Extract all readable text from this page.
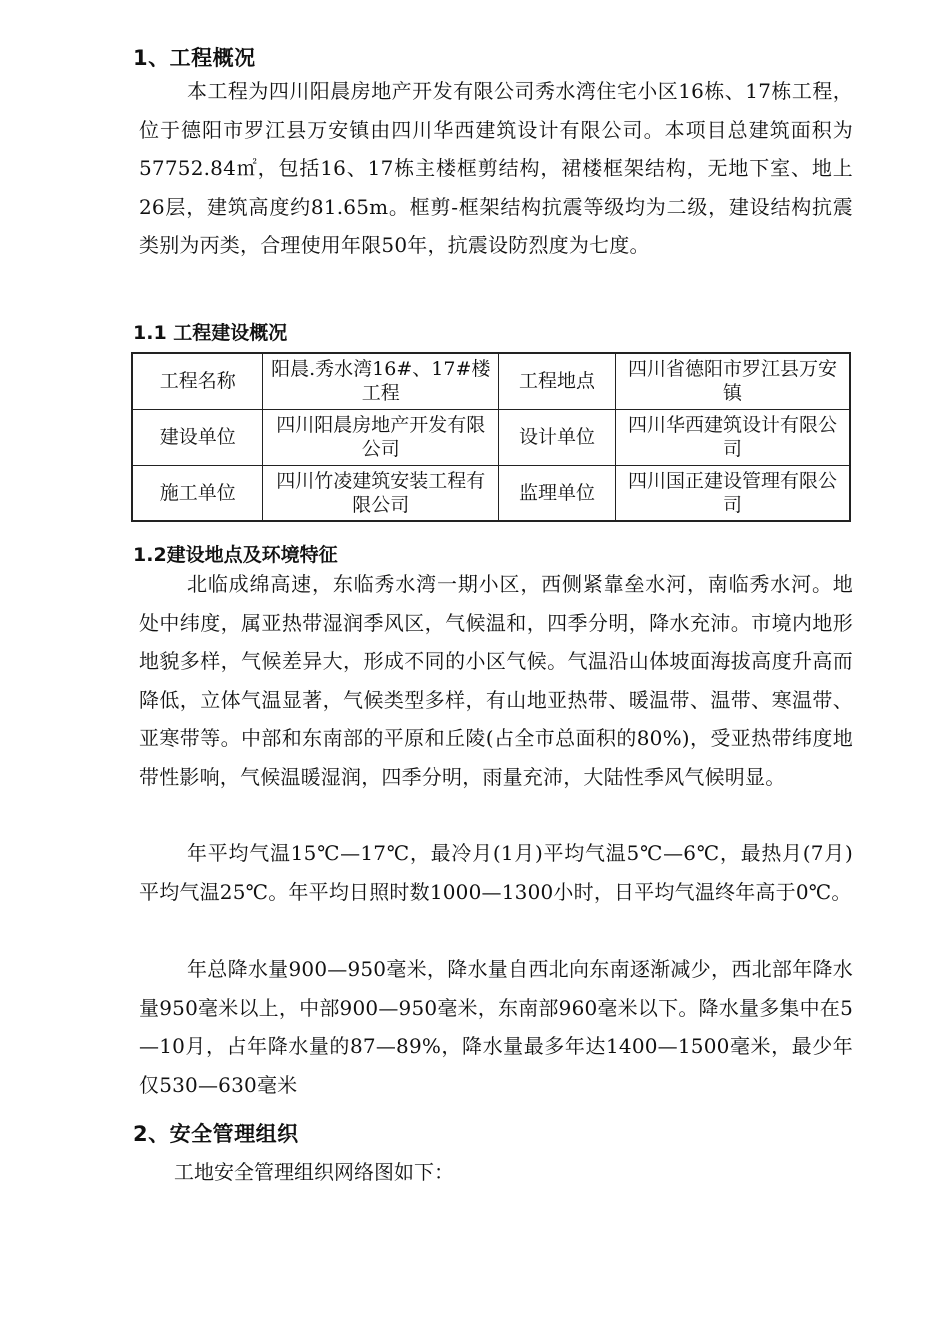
1、工程概况
本工程为四川阳晨房地产开发有限公司秀水湾住宅小区16栋、17栋工程，位于德阳市罗江县万安镇由四川华西建筑设计有限公司。本项目总建筑面积为57752.84㎡，包括16、17栋主楼框剪结构，裙楼框架结构，无地下室、地上26层，建筑高度约81.65m。框剪-框架结构抗震等级均为二级，建设结构抗震类别为丙类，合理使用年限50年，抗震设防烈度为七度。
1.1 工程建设概况
工程名称	阳晨.秀水湾16#、17#楼工程	工程地点	四川省德阳市罗江县万安镇
建设单位	四川阳晨房地产开发有限公司	设计单位	四川华西建筑设计有限公司
施工单位	四川竹凌建筑安装工程有限公司	监理单位	四川国正建设管理有限公司
1.2建设地点及环境特征
北临成绵高速，东临秀水湾一期小区，西侧紧靠垒水河，南临秀水河。地处中纬度，属亚热带湿润季风区，气候温和，四季分明，降水充沛。市境内地形地貌多样，气候差异大，形成不同的小区气候。气温沿山体坡面海拔高度升高而降低，立体气温显著，气候类型多样，有山地亚热带、暖温带、温带、寒温带、亚寒带等。中部和东南部的平原和丘陵(占全市总面积的80%)，受亚热带纬度地带性影响，气候温暖湿润，四季分明，雨量充沛，大陆性季风气候明显。
年平均气温15℃—17℃，最冷月(1月)平均气温5℃—6℃，最热月(7月)平均气温25℃。年平均日照时数1000—1300小时，日平均气温终年高于0℃。
年总降水量900—950毫米，降水量自西北向东南逐渐减少，西北部年降水量950毫米以上，中部900—950毫米，东南部960毫米以下。降水量多集中在5—10月，占年降水量的87—89%，降水量最多年达1400—1500毫米，最少年仅530—630毫米
2、安全管理组织
工地安全管理组织网络图如下：
